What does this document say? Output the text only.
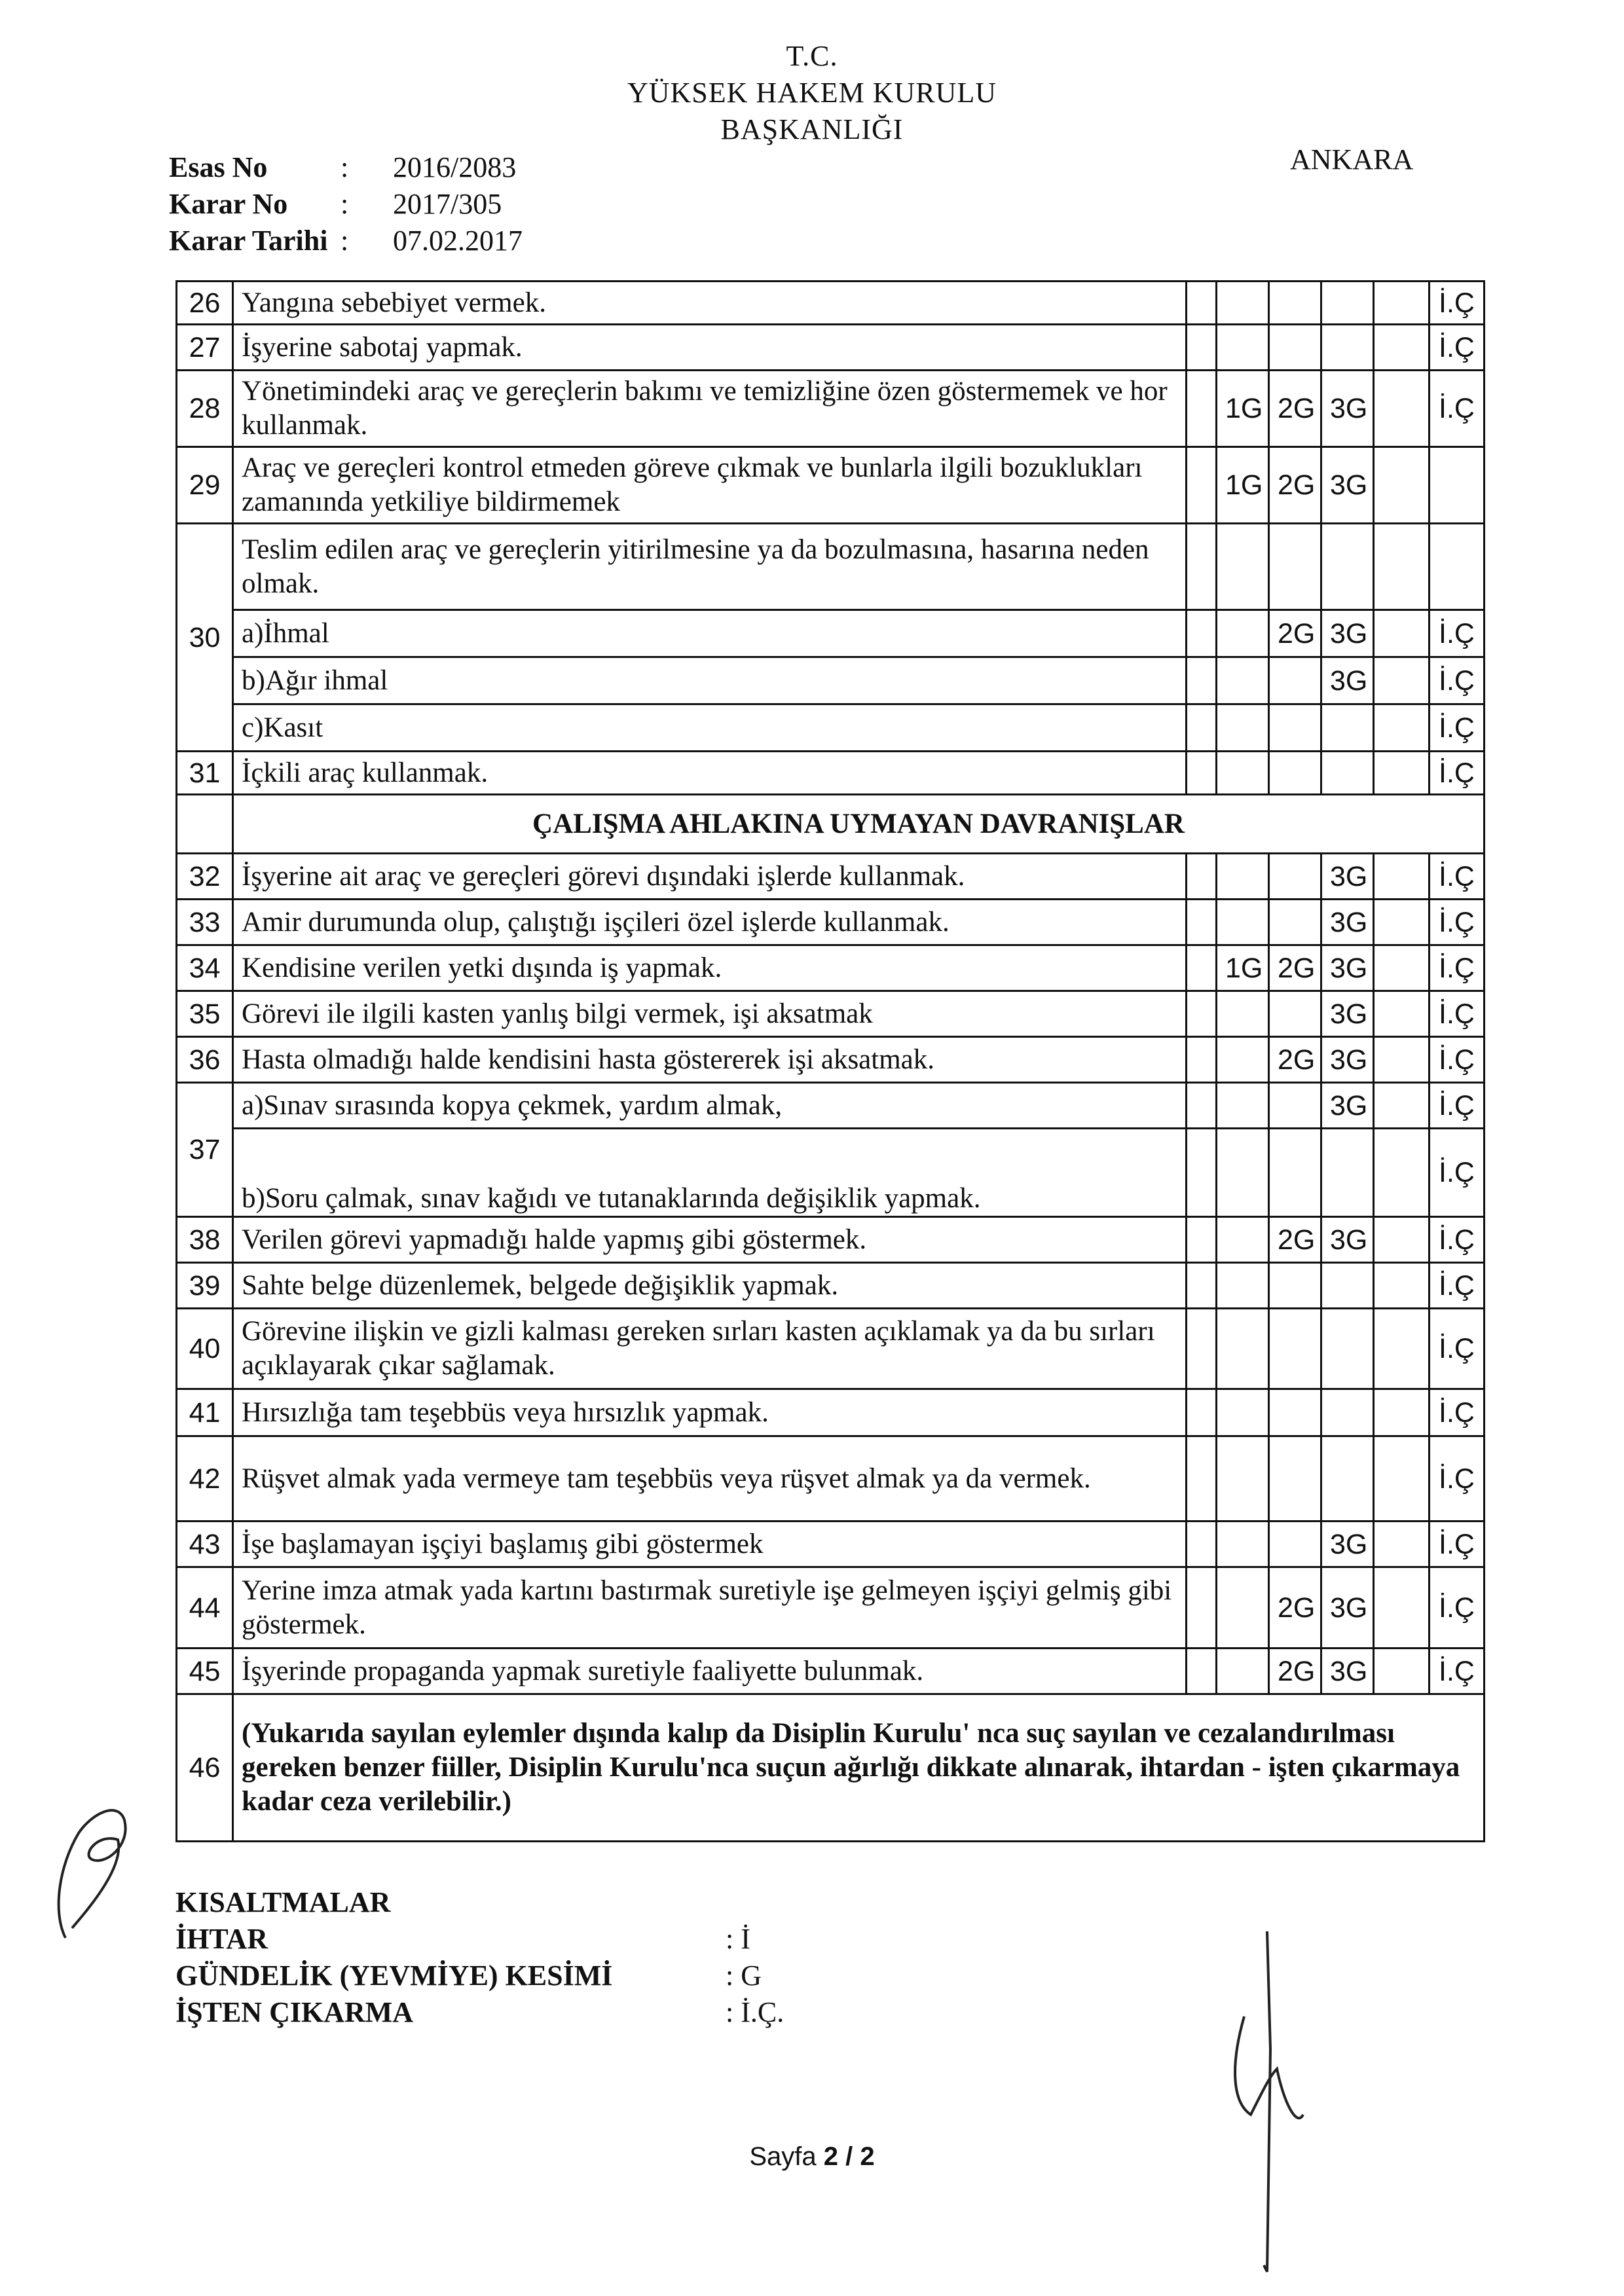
T.C.
YÜKSEK HAKEM KURULU
BAŞKANLIĞI
ANKARA
Esas No	:	2016/2083
Karar No	:	2017/305
Karar Tarihi :	07.02.2017
26	Yangına sebebiyet vermek.						İ.Ç
27	İşyerine sabotaj yapmak.						İ.Ç
28	Yönetimindeki araç ve gereçlerin bakımı ve temizliğine özen göstermemek ve hor kullanmak.		1G	2G	3G		İ.Ç
29	Araç ve gereçleri kontrol etmeden göreve çıkmak ve bunlarla ilgili bozuklukları zamanında yetkiliye bildirmemek		1G	2G	3G		
30	Teslim edilen araç ve gereçlerin yitirilmesine ya da bozulmasına, hasarına neden olmak.						
	a)İhmal			2G	3G		İ.Ç
	b)Ağır ihmal				3G		İ.Ç
	c)Kasıt						İ.Ç
31	İçkili araç kullanmak.						İ.Ç
	ÇALIŞMA AHLAKINA UYMAYAN DAVRANIŞLAR						
32	İşyerine ait araç ve gereçleri görevi dışındaki işlerde kullanmak.				3G		İ.Ç
33	Amir durumunda olup, çalıştığı işçileri özel işlerde kullanmak.				3G		İ.Ç
34	Kendisine verilen yetki dışında iş yapmak.		1G	2G	3G		İ.Ç
35	Görevi ile ilgili kasten yanlış bilgi vermek, işi aksatmak				3G		İ.Ç
36	Hasta olmadığı halde kendisini hasta göstererek işi aksatmak.			2G	3G		İ.Ç
37	a)Sınav sırasında kopya çekmek, yardım almak,				3G		İ.Ç
	b)Soru çalmak, sınav kağıdı ve tutanaklarında değişiklik yapmak.						İ.Ç
38	Verilen görevi yapmadığı halde yapmış gibi göstermek.			2G	3G		İ.Ç
39	Sahte belge düzenlemek, belgede değişiklik yapmak.						İ.Ç
40	Görevine ilişkin ve gizli kalması gereken sırları kasten açıklamak ya da bu sırları açıklayarak çıkar sağlamak.						İ.Ç
41	Hırsızlığa tam teşebbüs veya hırsızlık yapmak.						İ.Ç
42	Rüşvet almak yada vermeye tam teşebbüs veya rüşvet almak ya da vermek.						İ.Ç
43	İşe başlamayan işçiyi başlamış gibi göstermek				3G		İ.Ç
44	Yerine imza atmak yada kartını bastırmak suretiyle işe gelmeyen işçiyi gelmiş gibi göstermek.			2G	3G		İ.Ç
45	İşyerinde propaganda yapmak suretiyle faaliyette bulunmak.			2G	3G		İ.Ç
46	(Yukarıda sayılan eylemler dışında kalıp da Disiplin Kurulu' nca suç sayılan ve cezalandırılması gereken benzer fiiller, Disiplin Kurulu'nca suçun ağırlığı dikkate alınarak, ihtardan - işten çıkarmaya kadar ceza verilebilir.)						
KISALTMALAR
İHTAR	: İ
GÜNDELİK (YEVMİYE) KESİMİ	: G
İŞTEN ÇIKARMA	: İ.Ç.
Sayfa 2 / 2
